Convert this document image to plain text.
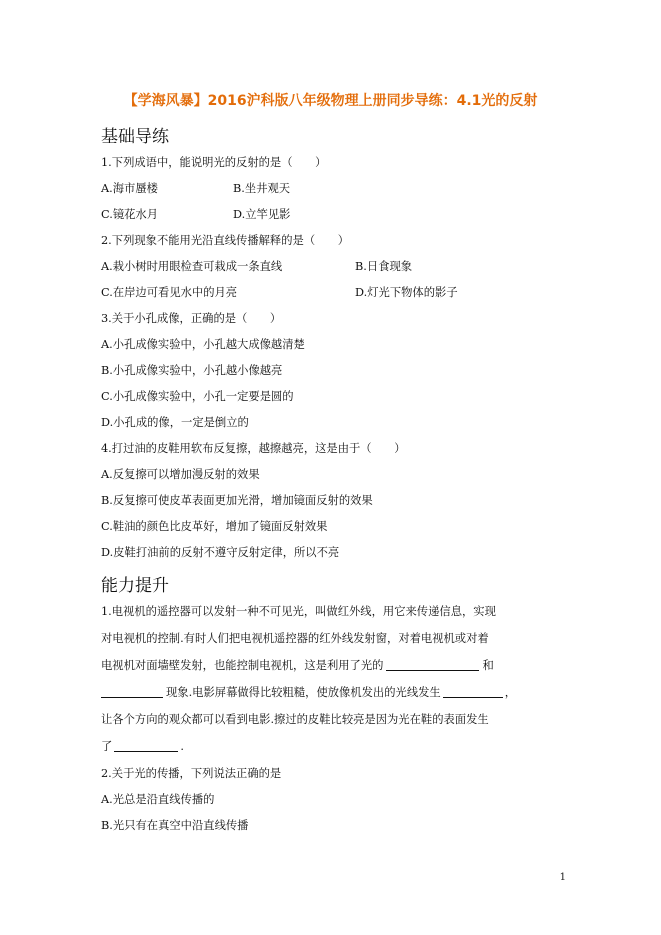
【学海风暴】2016沪科版八年级物理上册同步导练：4.1光的反射
基础导练
1.下列成语中，能说明光的反射的是（　　）
A.海市蜃楼	B.坐井观天
C.镜花水月	D.立竿见影
2.下列现象不能用光沿直线传播解释的是（　　）
A.栽小树时用眼检查可栽成一条直线	B.日食现象
C.在岸边可看见水中的月亮	D.灯光下物体的影子
3.关于小孔成像，正确的是（　　）
A.小孔成像实验中，小孔越大成像越清楚
B.小孔成像实验中，小孔越小像越亮
C.小孔成像实验中，小孔一定要是圆的
D.小孔成的像，一定是倒立的
4.打过油的皮鞋用软布反复擦，越擦越亮，这是由于（　　）
A.反复擦可以增加漫反射的效果
B.反复擦可使皮革表面更加光滑，增加镜面反射的效果
C.鞋油的颜色比皮革好，增加了镜面反射效果
D.皮鞋打油前的反射不遵守反射定律，所以不亮
能力提升
1.电视机的遥控器可以发射一种不可见光，叫做红外线，用它来传递信息，实现
对电视机的控制.有时人们把电视机遥控器的红外线发射窗，对着电视机或对着
电视机对面墙壁发射，也能控制电视机，这是利用了光的	和
现象.电影屏幕做得比较粗糙，使放像机发出的光线发生	，
让各个方向的观众都可以看到电影.擦过的皮鞋比较亮是因为光在鞋的表面发生
了	.
2.关于光的传播，下列说法正确的是
A.光总是沿直线传播的
B.光只有在真空中沿直线传播
1
